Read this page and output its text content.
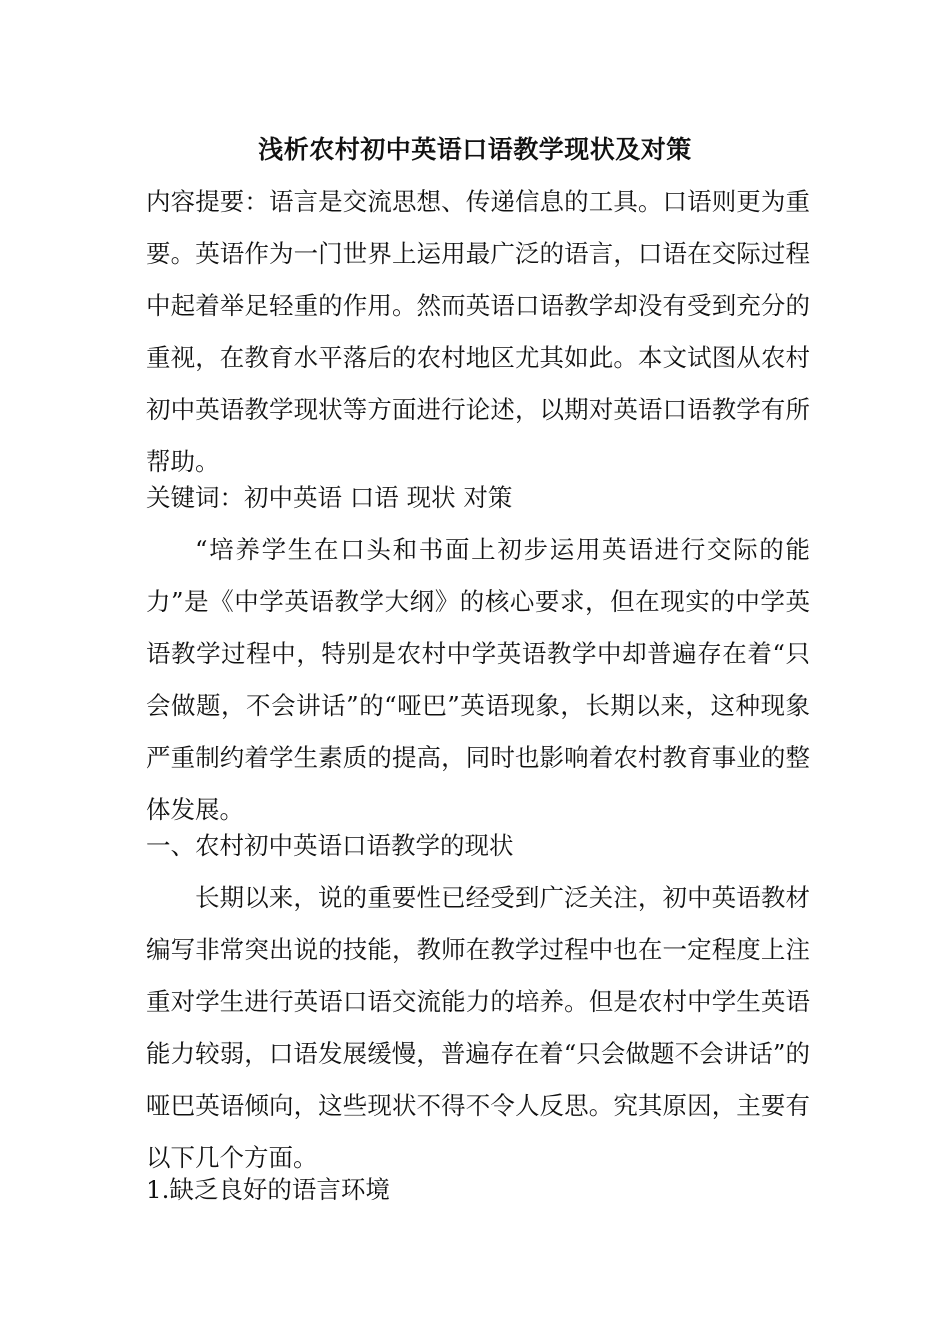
浅析农村初中英语口语教学现状及对策

内容提要：语言是交流思想、传递信息的工具。口语则更为重要。英语作为一门世界上运用最广泛的语言，口语在交际过程中起着举足轻重的作用。然而英语口语教学却没有受到充分的重视，在教育水平落后的农村地区尤其如此。本文试图从农村初中英语教学现状等方面进行论述，以期对英语口语教学有所帮助。

关键词：初中英语 口语 现状 对策

“培养学生在口头和书面上初步运用英语进行交际的能力”是《中学英语教学大纲》的核心要求，但在现实的中学英语教学过程中，特别是农村中学英语教学中却普遍存在着“只会做题，不会讲话”的“哑巴”英语现象，长期以来，这种现象严重制约着学生素质的提高，同时也影响着农村教育事业的整体发展。

一、农村初中英语口语教学的现状

长期以来，说的重要性已经受到广泛关注，初中英语教材编写非常突出说的技能，教师在教学过程中也在一定程度上注重对学生进行英语口语交流能力的培养。但是农村中学生英语能力较弱，口语发展缓慢，普遍存在着“只会做题不会讲话”的哑巴英语倾向，这些现状不得不令人反思。究其原因，主要有以下几个方面。

1.缺乏良好的语言环境
